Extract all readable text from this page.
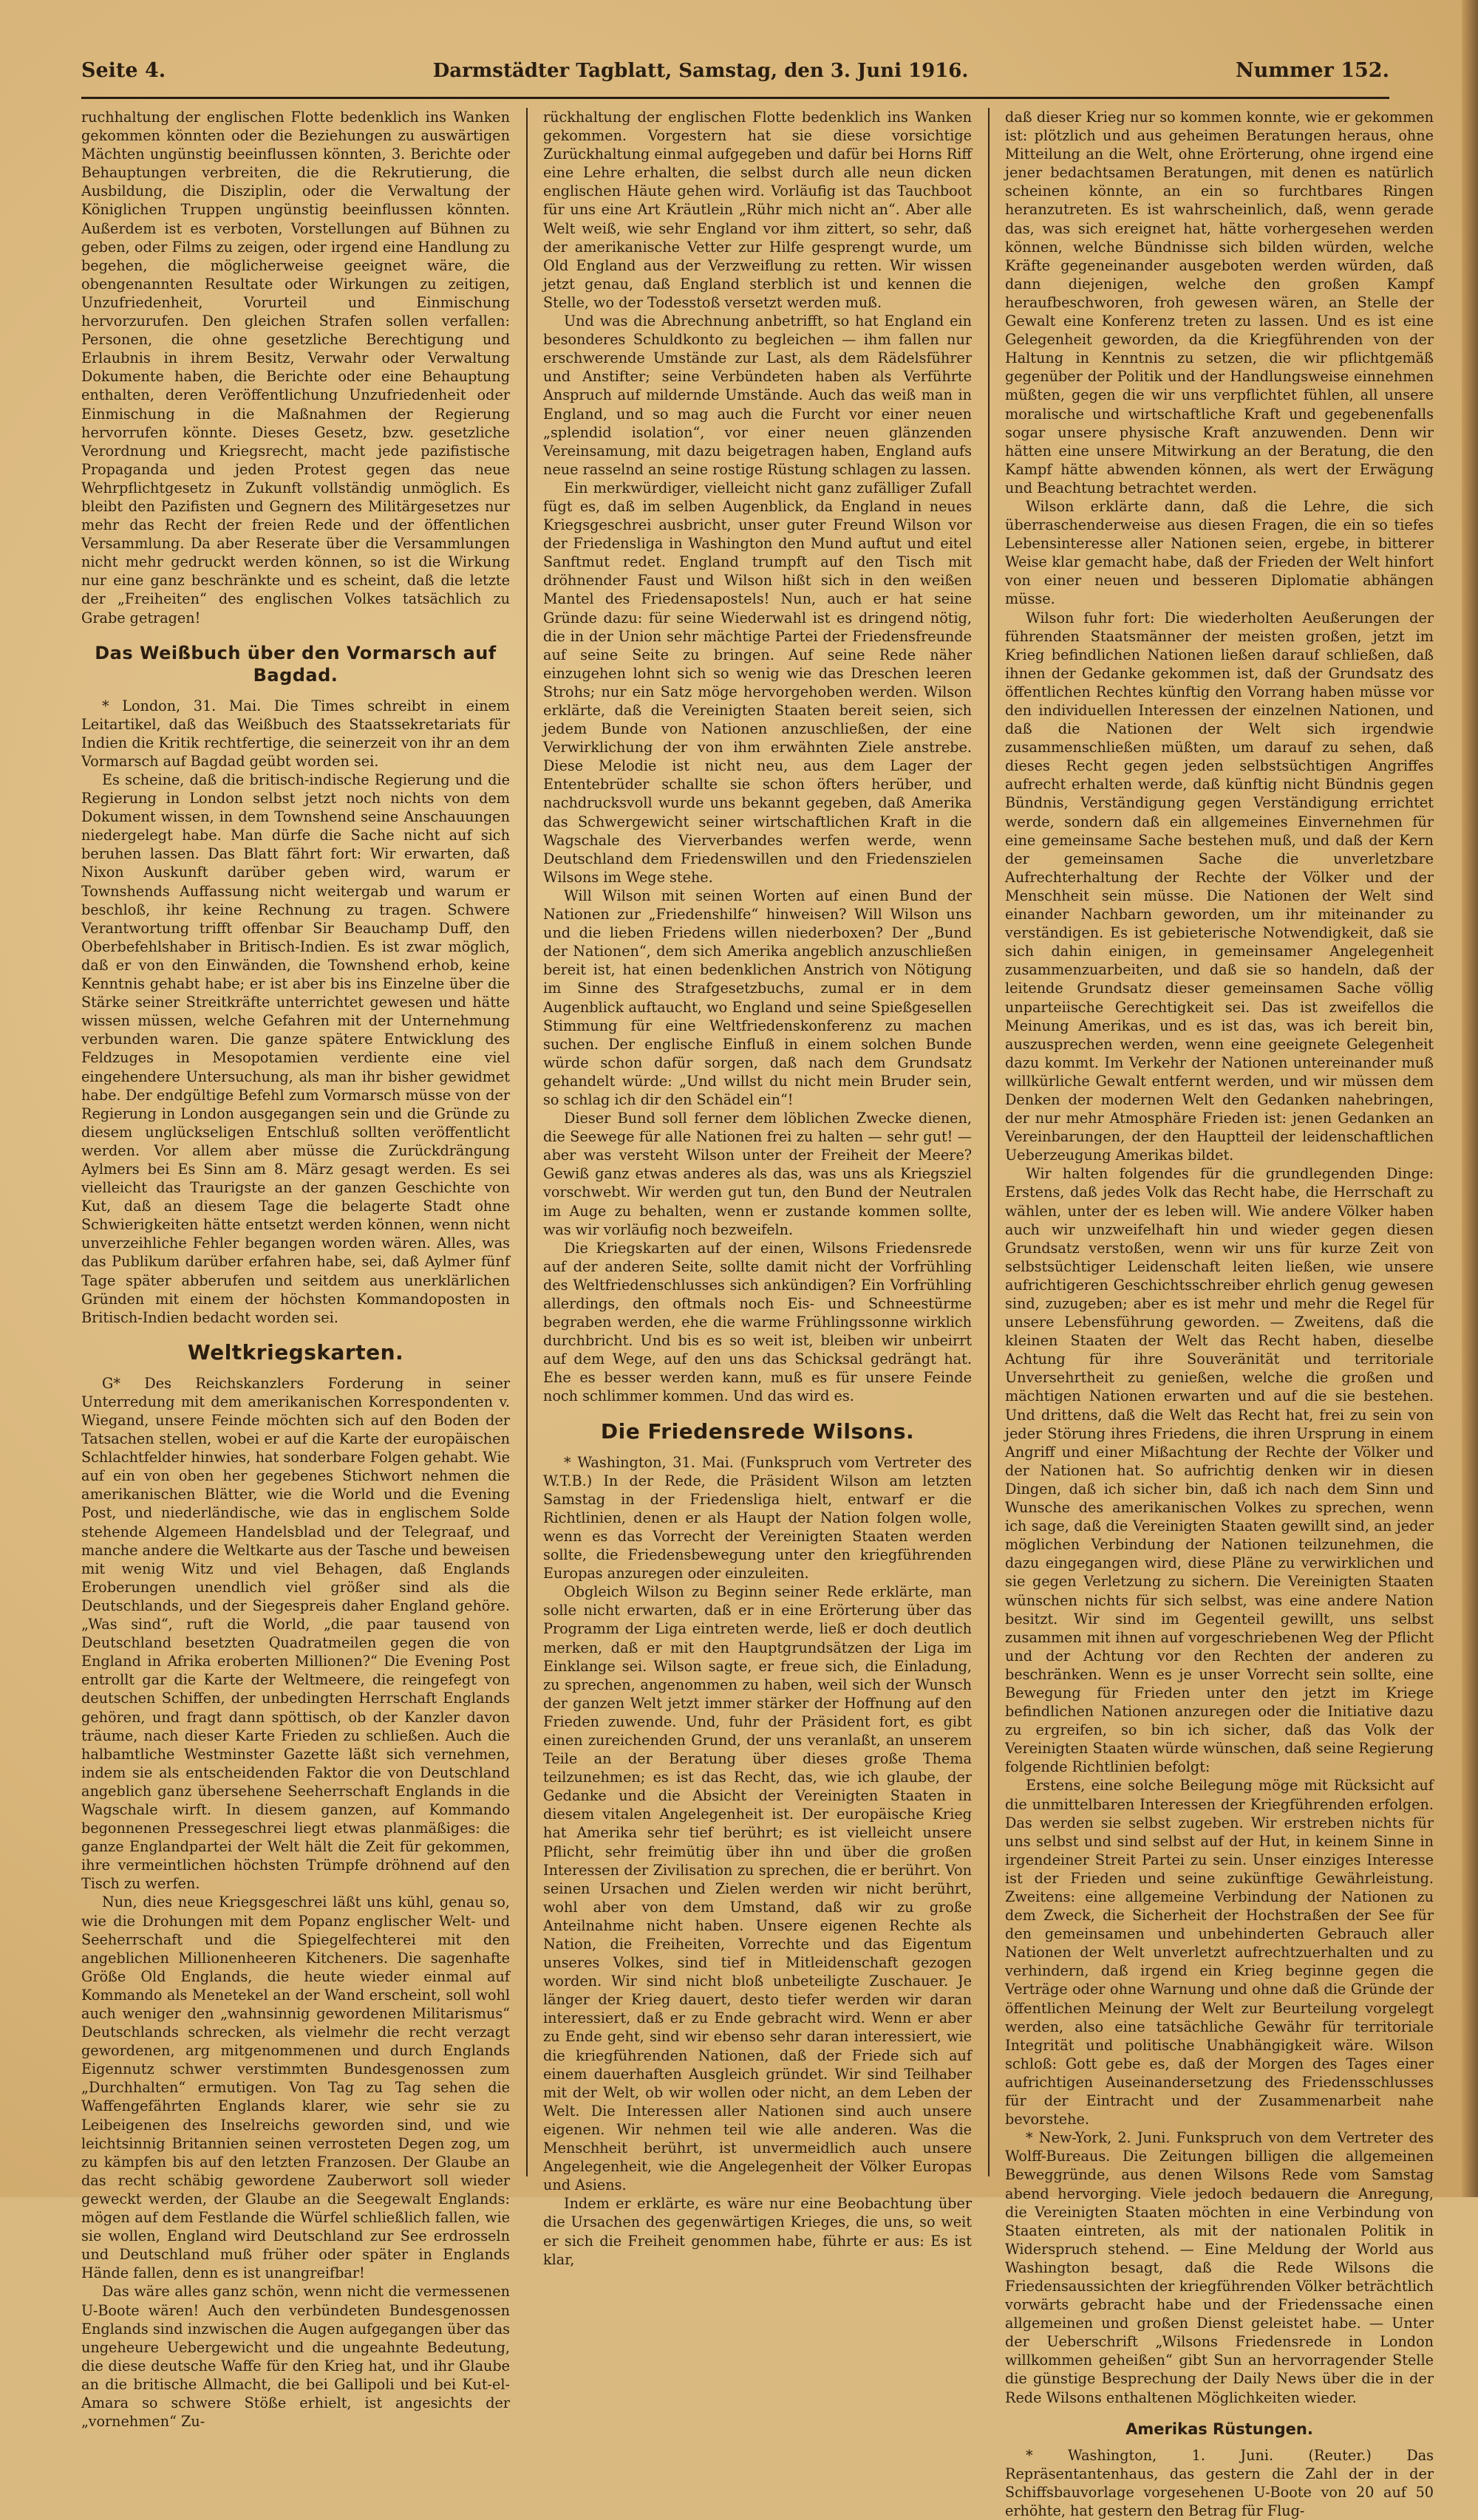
Seite 4.	Darmstädter Tagblatt, Samstag, den 3. Juni 1916.	Nummer 152.

ruchhaltung der englischen Flotte bedenklich ins Wanken gekommen könnten oder die Beziehungen zu auswärtigen Mächten ungünstig beeinflussen könnten, 3. Berichte oder Behauptungen verbreiten, die die Rekrutierung, die Ausbildung, die Disziplin, oder die Verwaltung der Königlichen Truppen ungünstig beeinflussen könnten. Außerdem ist es verboten, Vorstellungen auf Bühnen zu geben, oder Films zu zeigen, oder irgend eine Handlung zu begehen, die möglicherweise geeignet wäre, die obengenannten Resultate oder Wirkungen zu zeitigen, Unzufriedenheit, Vorurteil und Einmischung hervorzurufen. Den gleichen Strafen sollen verfallen: Personen, die ohne gesetzliche Berechtigung und Erlaubnis in ihrem Besitz, Verwahr oder Verwaltung Dokumente haben, die Berichte oder eine Behauptung enthalten, deren Veröffentlichung Unzufriedenheit oder Einmischung in die Maßnahmen der Regierung hervorrufen könnte. Dieses Gesetz, bzw. gesetzliche Verordnung und Kriegsrecht, macht jede pazifistische Propaganda und jeden Protest gegen das neue Wehrpflichtgesetz in Zukunft vollständig unmöglich. Es bleibt den Pazifisten und Gegnern des Militärgesetzes nur mehr das Recht der freien Rede und der öffentlichen Versammlung. Da aber Reserate über die Versammlungen nicht mehr gedruckt werden können, so ist die Wirkung nur eine ganz beschränkte und es scheint, daß die letzte der „Freiheiten“ des englischen Volkes tatsächlich zu Grabe getragen!

Das Weißbuch über den Vormarsch auf Bagdad.

* London, 31. Mai. Die Times schreibt in einem Leitartikel, daß das Weißbuch des Staatssekretariats für Indien die Kritik rechtfertige, die seinerzeit von ihr an dem Vormarsch auf Bagdad geübt worden sei.

Es scheine, daß die britisch-indische Regierung und die Regierung in London selbst jetzt noch nichts von dem Dokument wissen, in dem Townshend seine Anschauungen niedergelegt habe. Man dürfe die Sache nicht auf sich beruhen lassen. Das Blatt fährt fort: Wir erwarten, daß Nixon Auskunft darüber geben wird, warum er Townshends Auffassung nicht weitergab und warum er beschloß, ihr keine Rechnung zu tragen. Schwere Verantwortung trifft offenbar Sir Beauchamp Duff, den Oberbefehlshaber in Britisch-Indien. Es ist zwar möglich, daß er von den Einwänden, die Townshend erhob, keine Kenntnis gehabt habe; er ist aber bis ins Einzelne über die Stärke seiner Streitkräfte unterrichtet gewesen und hätte wissen müssen, welche Gefahren mit der Unternehmung verbunden waren. Die ganze spätere Entwicklung des Feldzuges in Mesopotamien verdiente eine viel eingehendere Untersuchung, als man ihr bisher gewidmet habe. Der endgültige Befehl zum Vormarsch müsse von der Regierung in London ausgegangen sein und die Gründe zu diesem unglückseligen Entschluß sollten veröffentlicht werden. Vor allem aber müsse die Zurückdrängung Aylmers bei Es Sinn am 8. März gesagt werden. Es sei vielleicht das Traurigste an der ganzen Geschichte von Kut, daß an diesem Tage die belagerte Stadt ohne Schwierigkeiten hätte entsetzt werden können, wenn nicht unverzeihliche Fehler begangen worden wären. Alles, was das Publikum darüber erfahren habe, sei, daß Aylmer fünf Tage später abberufen und seitdem aus unerklärlichen Gründen mit einem der höchsten Kommandoposten in Britisch-Indien bedacht worden sei.

Weltkriegskarten.

G* Des Reichskanzlers Forderung in seiner Unterredung mit dem amerikanischen Korrespondenten v. Wiegand, unsere Feinde möchten sich auf den Boden der Tatsachen stellen, wobei er auf die Karte der europäischen Schlachtfelder hinwies, hat sonderbare Folgen gehabt. Wie auf ein von oben her gegebenes Stichwort nehmen die amerikanischen Blätter, wie die World und die Evening Post, und niederländische, wie das in englischem Solde stehende Algemeen Handelsblad und der Telegraaf, und manche andere die Weltkarte aus der Tasche und beweisen mit wenig Witz und viel Behagen, daß Englands Eroberungen unendlich viel größer sind als die Deutschlands, und der Siegespreis daher England gehöre. „Was sind“, ruft die World, „die paar tausend von Deutschland besetzten Quadratmeilen gegen die von England in Afrika eroberten Millionen?“ Die Evening Post entrollt gar die Karte der Weltmeere, die reingefegt von deutschen Schiffen, der unbedingten Herrschaft Englands gehören, und fragt dann spöttisch, ob der Kanzler davon träume, nach dieser Karte Frieden zu schließen. Auch die halbamtliche Westminster Gazette läßt sich vernehmen, indem sie als entscheidenden Faktor die von Deutschland angeblich ganz übersehene Seeherrschaft Englands in die Wagschale wirft. In diesem ganzen, auf Kommando begonnenen Pressegeschrei liegt etwas planmäßiges: die ganze Englandpartei der Welt hält die Zeit für gekommen, ihre vermeintlichen höchsten Trümpfe dröhnend auf den Tisch zu werfen.

Nun, dies neue Kriegsgeschrei läßt uns kühl, genau so, wie die Drohungen mit dem Popanz englischer Welt- und Seeherrschaft und die Spiegelfechterei mit den angeblichen Millionenheeren Kitcheners. Die sagenhafte Größe Old Englands, die heute wieder einmal auf Kommando als Menetekel an der Wand erscheint, soll wohl auch weniger den „wahnsinnig gewordenen Militarismus“ Deutschlands schrecken, als vielmehr die recht verzagt gewordenen, arg mitgenommenen und durch Englands Eigennutz schwer verstimmten Bundesgenossen zum „Durchhalten“ ermutigen. Von Tag zu Tag sehen die Waffengefährten Englands klarer, wie sehr sie zu Leibeigenen des Inselreichs geworden sind, und wie leichtsinnig Britannien seinen verrosteten Degen zog, um zu kämpfen bis auf den letzten Franzosen. Der Glaube an das recht schäbig gewordene Zauberwort soll wieder geweckt werden, der Glaube an die Seegewalt Englands: mögen auf dem Festlande die Würfel schließlich fallen, wie sie wollen, England wird Deutschland zur See erdrosseln und Deutschland muß früher oder später in Englands Hände fallen, denn es ist unangreifbar!

Das wäre alles ganz schön, wenn nicht die vermessenen U-Boote wären! Auch den verbündeten Bundesgenossen Englands sind inzwischen die Augen aufgegangen über das ungeheure Uebergewicht und die ungeahnte Bedeutung, die diese deutsche Waffe für den Krieg hat, und ihr Glaube an die britische Allmacht, die bei Gallipoli und bei Kut-el-Amara so schwere Stöße erhielt, ist angesichts der „vornehmen“ Zu-

rückhaltung der englischen Flotte bedenklich ins Wanken gekommen. Vorgestern hat sie diese vorsichtige Zurückhaltung einmal aufgegeben und dafür bei Horns Riff eine Lehre erhalten, die selbst durch alle neun dicken englischen Häute gehen wird. Vorläufig ist das Tauchboot für uns eine Art Kräutlein „Rühr mich nicht an“. Aber alle Welt weiß, wie sehr England vor ihm zittert, so sehr, daß der amerikanische Vetter zur Hilfe gesprengt wurde, um Old England aus der Verzweiflung zu retten. Wir wissen jetzt genau, daß England sterblich ist und kennen die Stelle, wo der Todesstoß versetzt werden muß.

Und was die Abrechnung anbetrifft, so hat England ein besonderes Schuldkonto zu begleichen — ihm fallen nur erschwerende Umstände zur Last, als dem Rädelsführer und Anstifter; seine Verbündeten haben als Verführte Anspruch auf mildernde Umstände. Auch das weiß man in England, und so mag auch die Furcht vor einer neuen „splendid isolation“, vor einer neuen glänzenden Vereinsamung, mit dazu beigetragen haben, England aufs neue rasselnd an seine rostige Rüstung schlagen zu lassen.

Ein merkwürdiger, vielleicht nicht ganz zufälliger Zufall fügt es, daß im selben Augenblick, da England in neues Kriegsgeschrei ausbricht, unser guter Freund Wilson vor der Friedensliga in Washington den Mund auftut und eitel Sanftmut redet. England trumpft auf den Tisch mit dröhnender Faust und Wilson hißt sich in den weißen Mantel des Friedensapostels! Nun, auch er hat seine Gründe dazu: für seine Wiederwahl ist es dringend nötig, die in der Union sehr mächtige Partei der Friedensfreunde auf seine Seite zu bringen. Auf seine Rede näher einzugehen lohnt sich so wenig wie das Dreschen leeren Strohs; nur ein Satz möge hervorgehoben werden. Wilson erklärte, daß die Vereinigten Staaten bereit seien, sich jedem Bunde von Nationen anzuschließen, der eine Verwirklichung der von ihm erwähnten Ziele anstrebe. Diese Melodie ist nicht neu, aus dem Lager der Ententebrüder schallte sie schon öfters herüber, und nachdrucksvoll wurde uns bekannt gegeben, daß Amerika das Schwergewicht seiner wirtschaftlichen Kraft in die Wagschale des Vierverbandes werfen werde, wenn Deutschland dem Friedenswillen und den Friedenszielen Wilsons im Wege stehe.

Will Wilson mit seinen Worten auf einen Bund der Nationen zur „Friedenshilfe“ hinweisen? Will Wilson uns und die lieben Friedens willen niederboxen? Der „Bund der Nationen“, dem sich Amerika angeblich anzuschließen bereit ist, hat einen bedenklichen Anstrich von Nötigung im Sinne des Strafgesetzbuchs, zumal er in dem Augenblick auftaucht, wo England und seine Spießgesellen Stimmung für eine Weltfriedenskonferenz zu machen suchen. Der englische Einfluß in einem solchen Bunde würde schon dafür sorgen, daß nach dem Grundsatz gehandelt würde: „Und willst du nicht mein Bruder sein, so schlag ich dir den Schädel ein“!

Dieser Bund soll ferner dem löblichen Zwecke dienen, die Seewege für alle Nationen frei zu halten — sehr gut! — aber was versteht Wilson unter der Freiheit der Meere? Gewiß ganz etwas anderes als das, was uns als Kriegsziel vorschwebt. Wir werden gut tun, den Bund der Neutralen im Auge zu behalten, wenn er zustande kommen sollte, was wir vorläufig noch bezweifeln.

Die Kriegskarten auf der einen, Wilsons Friedensrede auf der anderen Seite, sollte damit nicht der Vorfrühling des Weltfriedenschlusses sich ankündigen? Ein Vorfrühling allerdings, den oftmals noch Eis- und Schneestürme begraben werden, ehe die warme Frühlingssonne wirklich durchbricht. Und bis es so weit ist, bleiben wir unbeirrt auf dem Wege, auf den uns das Schicksal gedrängt hat. Ehe es besser werden kann, muß es für unsere Feinde noch schlimmer kommen. Und das wird es.

Die Friedensrede Wilsons.

* Washington, 31. Mai. (Funkspruch vom Vertreter des W.T.B.) In der Rede, die Präsident Wilson am letzten Samstag in der Friedensliga hielt, entwarf er die Richtlinien, denen er als Haupt der Nation folgen wolle, wenn es das Vorrecht der Vereinigten Staaten werden sollte, die Friedensbewegung unter den kriegführenden Europas anzuregen oder einzuleiten.

Obgleich Wilson zu Beginn seiner Rede erklärte, man solle nicht erwarten, daß er in eine Erörterung über das Programm der Liga eintreten werde, ließ er doch deutlich merken, daß er mit den Hauptgrundsätzen der Liga im Einklange sei. Wilson sagte, er freue sich, die Einladung, zu sprechen, angenommen zu haben, weil sich der Wunsch der ganzen Welt jetzt immer stärker der Hoffnung auf den Frieden zuwende. Und, fuhr der Präsident fort, es gibt einen zureichenden Grund, der uns veranlaßt, an unserem Teile an der Beratung über dieses große Thema teilzunehmen; es ist das Recht, das, wie ich glaube, der Gedanke und die Absicht der Vereinigten Staaten in diesem vitalen Angelegenheit ist. Der europäische Krieg hat Amerika sehr tief berührt; es ist vielleicht unsere Pflicht, sehr freimütig über ihn und über die großen Interessen der Zivilisation zu sprechen, die er berührt. Von seinen Ursachen und Zielen werden wir nicht berührt, wohl aber von dem Umstand, daß wir zu große Anteilnahme nicht haben. Unsere eigenen Rechte als Nation, die Freiheiten, Vorrechte und das Eigentum unseres Volkes, sind tief in Mitleidenschaft gezogen worden. Wir sind nicht bloß unbeteiligte Zuschauer. Je länger der Krieg dauert, desto tiefer werden wir daran interessiert, daß er zu Ende gebracht wird. Wenn er aber zu Ende geht, sind wir ebenso sehr daran interessiert, wie die kriegführenden Nationen, daß der Friede sich auf einem dauerhaften Ausgleich gründet. Wir sind Teilhaber mit der Welt, ob wir wollen oder nicht, an dem Leben der Welt. Die Interessen aller Nationen sind auch unsere eigenen. Wir nehmen teil wie alle anderen. Was die Menschheit berührt, ist unvermeidlich auch unsere Angelegenheit, wie die Angelegenheit der Völker Europas und Asiens.

Indem er erklärte, es wäre nur eine Beobachtung über die Ursachen des gegenwärtigen Krieges, die uns, so weit er sich die Freiheit genommen habe, führte er aus: Es ist klar,

daß dieser Krieg nur so kommen konnte, wie er gekommen ist: plötzlich und aus geheimen Beratungen heraus, ohne Mitteilung an die Welt, ohne Erörterung, ohne irgend eine jener bedachtsamen Beratungen, mit denen es natürlich scheinen könnte, an ein so furchtbares Ringen heranzutreten. Es ist wahrscheinlich, daß, wenn gerade das, was sich ereignet hat, hätte vorhergesehen werden können, welche Bündnisse sich bilden würden, welche Kräfte gegeneinander ausgeboten werden würden, daß dann diejenigen, welche den großen Kampf heraufbeschworen, froh gewesen wären, an Stelle der Gewalt eine Konferenz treten zu lassen. Und es ist eine Gelegenheit geworden, da die Kriegführenden von der Haltung in Kenntnis zu setzen, die wir pflichtgemäß gegenüber der Politik und der Handlungsweise einnehmen müßten, gegen die wir uns verpflichtet fühlen, all unsere moralische und wirtschaftliche Kraft und gegebenenfalls sogar unsere physische Kraft anzuwenden. Denn wir hätten eine unsere Mitwirkung an der Beratung, die den Kampf hätte abwenden können, als wert der Erwägung und Beachtung betrachtet werden.

Wilson erklärte dann, daß die Lehre, die sich überraschenderweise aus diesen Fragen, die ein so tiefes Lebensinteresse aller Nationen seien, ergebe, in bitterer Weise klar gemacht habe, daß der Frieden der Welt hinfort von einer neuen und besseren Diplomatie abhängen müsse.

Wilson fuhr fort: Die wiederholten Aeußerungen der führenden Staatsmänner der meisten großen, jetzt im Krieg befindlichen Nationen ließen darauf schließen, daß ihnen der Gedanke gekommen ist, daß der Grundsatz des öffentlichen Rechtes künftig den Vorrang haben müsse vor den individuellen Interessen der einzelnen Nationen, und daß die Nationen der Welt sich irgendwie zusammenschließen müßten, um darauf zu sehen, daß dieses Recht gegen jeden selbstsüchtigen Angriffes aufrecht erhalten werde, daß künftig nicht Bündnis gegen Bündnis, Verständigung gegen Verständigung errichtet werde, sondern daß ein allgemeines Einvernehmen für eine gemeinsame Sache bestehen muß, und daß der Kern der gemeinsamen Sache die unverletzbare Aufrechterhaltung der Rechte der Völker und der Menschheit sein müsse. Die Nationen der Welt sind einander Nachbarn geworden, um ihr miteinander zu verständigen. Es ist gebieterische Notwendigkeit, daß sie sich dahin einigen, in gemeinsamer Angelegenheit zusammenzuarbeiten, und daß sie so handeln, daß der leitende Grundsatz dieser gemeinsamen Sache völlig unparteiische Gerechtigkeit sei. Das ist zweifellos die Meinung Amerikas, und es ist das, was ich bereit bin, auszusprechen werden, wenn eine geeignete Gelegenheit dazu kommt. Im Verkehr der Nationen untereinander muß willkürliche Gewalt entfernt werden, und wir müssen dem Denken der modernen Welt den Gedanken nahebringen, der nur mehr Atmosphäre Frieden ist: jenen Gedanken an Vereinbarungen, der den Hauptteil der leidenschaftlichen Ueberzeugung Amerikas bildet.

Wir halten folgendes für die grundlegenden Dinge: Erstens, daß jedes Volk das Recht habe, die Herrschaft zu wählen, unter der es leben will. Wie andere Völker haben auch wir unzweifelhaft hin und wieder gegen diesen Grundsatz verstoßen, wenn wir uns für kurze Zeit von selbstsüchtiger Leidenschaft leiten ließen, wie unsere aufrichtigeren Geschichtsschreiber ehrlich genug gewesen sind, zuzugeben; aber es ist mehr und mehr die Regel für unsere Lebensführung geworden. — Zweitens, daß die kleinen Staaten der Welt das Recht haben, dieselbe Achtung für ihre Souveränität und territoriale Unversehrtheit zu genießen, welche die großen und mächtigen Nationen erwarten und auf die sie bestehen. Und drittens, daß die Welt das Recht hat, frei zu sein von jeder Störung ihres Friedens, die ihren Ursprung in einem Angriff und einer Mißachtung der Rechte der Völker und der Nationen hat. So aufrichtig denken wir in diesen Dingen, daß ich sicher bin, daß ich nach dem Sinn und Wunsche des amerikanischen Volkes zu sprechen, wenn ich sage, daß die Vereinigten Staaten gewillt sind, an jeder möglichen Verbindung der Nationen teilzunehmen, die dazu eingegangen wird, diese Pläne zu verwirklichen und sie gegen Verletzung zu sichern. Die Vereinigten Staaten wünschen nichts für sich selbst, was eine andere Nation besitzt. Wir sind im Gegenteil gewillt, uns selbst zusammen mit ihnen auf vorgeschriebenen Weg der Pflicht und der Achtung vor den Rechten der anderen zu beschränken. Wenn es je unser Vorrecht sein sollte, eine Bewegung für Frieden unter den jetzt im Kriege befindlichen Nationen anzuregen oder die Initiative dazu zu ergreifen, so bin ich sicher, daß das Volk der Vereinigten Staaten würde wünschen, daß seine Regierung folgende Richtlinien befolgt:

Erstens, eine solche Beilegung möge mit Rücksicht auf die unmittelbaren Interessen der Kriegführenden erfolgen. Das werden sie selbst zugeben. Wir erstreben nichts für uns selbst und sind selbst auf der Hut, in keinem Sinne in irgendeiner Streit Partei zu sein. Unser einziges Interesse ist der Frieden und seine zukünftige Gewährleistung. Zweitens: eine allgemeine Verbindung der Nationen zu dem Zweck, die Sicherheit der Hochstraßen der See für den gemeinsamen und unbehinderten Gebrauch aller Nationen der Welt unverletzt aufrechtzuerhalten und zu verhindern, daß irgend ein Krieg beginne gegen die Verträge oder ohne Warnung und ohne daß die Gründe der öffentlichen Meinung der Welt zur Beurteilung vorgelegt werden, also eine tatsächliche Gewähr für territoriale Integrität und politische Unabhängigkeit wäre. Wilson schloß: Gott gebe es, daß der Morgen des Tages einer aufrichtigen Auseinandersetzung des Friedensschlusses für der Eintracht und der Zusammenarbeit nahe bevorstehe.

* New-York, 2. Juni. Funkspruch von dem Vertreter des Wolff-Bureaus. Die Zeitungen billigen die allgemeinen Beweggründe, aus denen Wilsons Rede vom Samstag abend hervorging. Viele jedoch bedauern die Anregung, die Vereinigten Staaten möchten in eine Verbindung von Staaten eintreten, als mit der nationalen Politik in Widerspruch stehend. — Eine Meldung der World aus Washington besagt, daß die Rede Wilsons die Friedensaussichten der kriegführenden Völker beträchtlich vorwärts gebracht habe und der Friedenssache einen allgemeinen und großen Dienst geleistet habe. — Unter der Ueberschrift „Wilsons Friedensrede in London willkommen geheißen“ gibt Sun an hervorragender Stelle die günstige Besprechung der Daily News über die in der Rede Wilsons enthaltenen Möglichkeiten wieder.

Amerikas Rüstungen.

* Washington, 1. Juni. (Reuter.) Das Repräsentantenhaus, das gestern die Zahl der in der Schiffsbauvorlage vorgesehenen U-Boote von 20 auf 50 erhöhte, hat gestern den Betrag für Flug-
